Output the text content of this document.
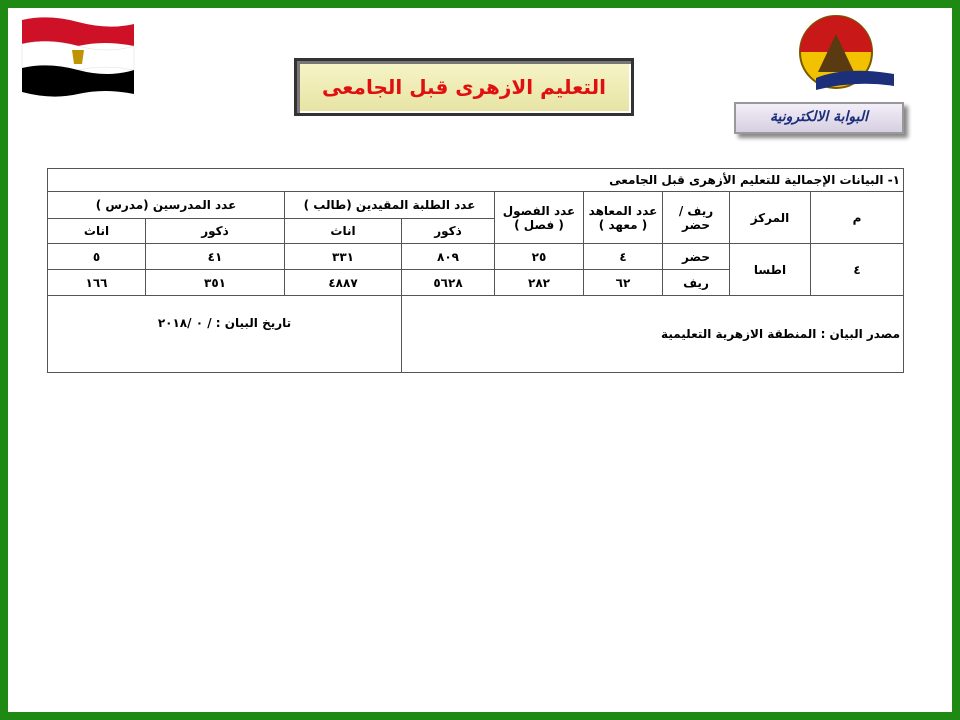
التعليم الازهرى قبل الجامعى
البوابة الالكترونية
١- البيانات الإجمالية للتعليم الأزهرى قبل الجامعى								
م	المركز	ريف /حضر	عدد المعاهد ( معهد )	عدد الفصول ( فصل )	عدد الطلبة المقيدين (طالب )		عدد المدرسين (مدرس )	
					ذكور	اناث	ذكور	اناث
٤	اطسا	حضر	٤	٢٥	٨٠٩	٣٣١	٤١	٥
		ريف	٦٢	٢٨٢	٥٦٢٨	٤٨٨٧	٣٥١	١٦٦
مصدر البيان : المنطقة الازهرية التعليمية						تاريخ البيان : / ٠ /٢٠١٨		
